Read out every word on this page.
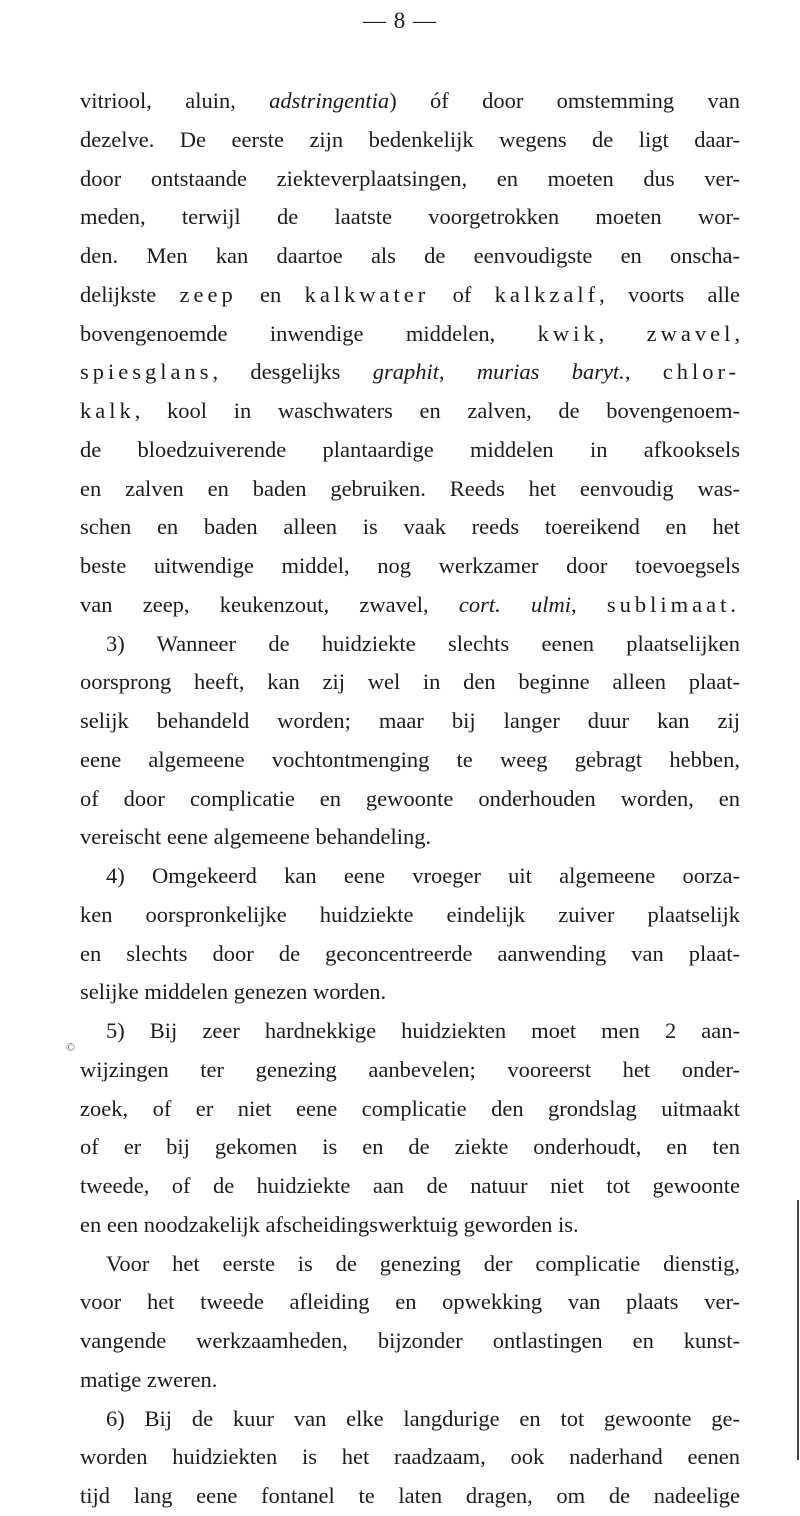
— 8 —
©
vitriool, aluin, adstringentia) óf door omstemming van
dezelve. De eerste zijn bedenkelijk wegens de ligt daar-
door ontstaande ziekteverplaatsingen, en moeten dus ver-
meden, terwijl de laatste voorgetrokken moeten wor-
den. Men kan daartoe als de eenvoudigste en onscha-
delijkste zeep en kalkwater of kalkzalf, voorts alle
bovengenoemde inwendige middelen, kwik, zwavel,
spiesglans, desgelijks graphit, murias baryt., chlor-
kalk, kool in waschwaters en zalven, de bovengenoem-
de bloedzuiverende plantaardige middelen in afkooksels
en zalven en baden gebruiken. Reeds het eenvoudig was-
schen en baden alleen is vaak reeds toereikend en het
beste uitwendige middel, nog werkzamer door toevoegsels
van zeep, keukenzout, zwavel, cort. ulmi, sublimaat.
3) Wanneer de huidziekte slechts eenen plaatselijken
oorsprong heeft, kan zij wel in den beginne alleen plaat-
selijk behandeld worden; maar bij langer duur kan zij
eene algemeene vochtontmenging te weeg gebragt hebben,
of door complicatie en gewoonte onderhouden worden, en
vereischt eene algemeene behandeling.
4) Omgekeerd kan eene vroeger uit algemeene oorza-
ken oorspronkelijke huidziekte eindelijk zuiver plaatselijk
en slechts door de geconcentreerde aanwending van plaat-
selijke middelen genezen worden.
5) Bij zeer hardnekkige huidziekten moet men 2 aan-
wijzingen ter genezing aanbevelen; vooreerst het onder-
zoek, of er niet eene complicatie den grondslag uitmaakt
of er bij gekomen is en de ziekte onderhoudt, en ten
tweede, of de huidziekte aan de natuur niet tot gewoonte
en een noodzakelijk afscheidingswerktuig geworden is.
Voor het eerste is de genezing der complicatie dienstig,
voor het tweede afleiding en opwekking van plaats ver-
vangende werkzaamheden, bijzonder ontlastingen en kunst-
matige zweren.
6) Bij de kuur van elke langdurige en tot gewoonte ge-
worden huidziekten is het raadzaam, ook naderhand eenen
tijd lang eene fontanel te laten dragen, om de nadeelige
